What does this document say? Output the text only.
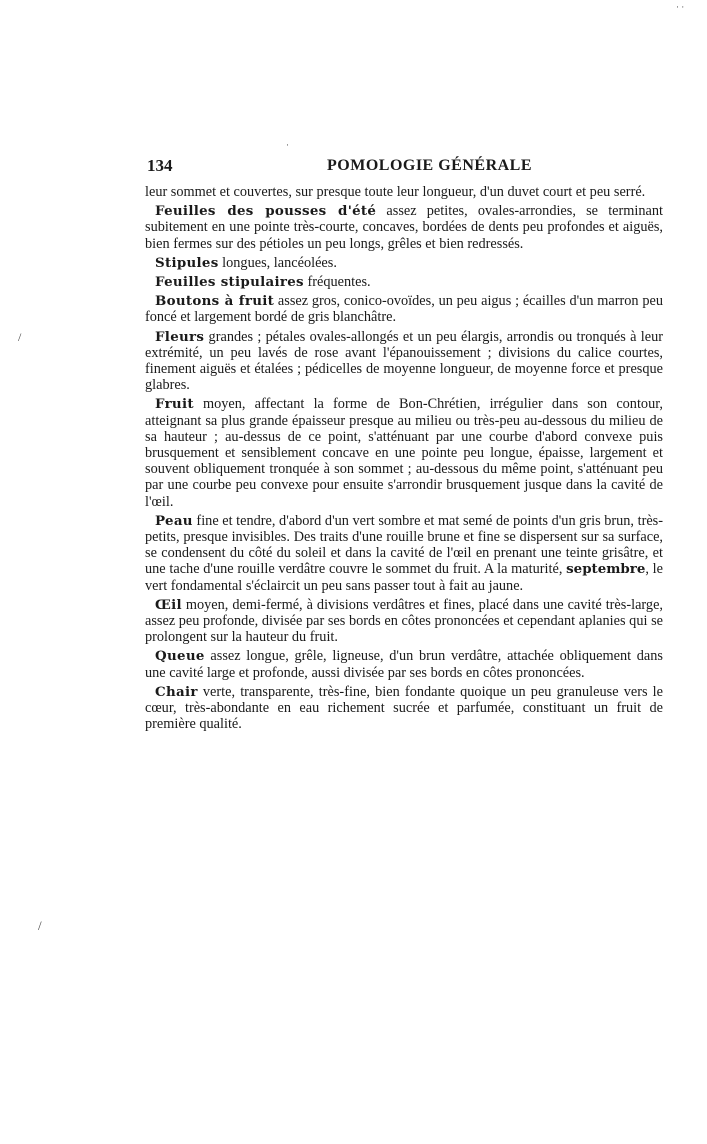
134	POMOLOGIE GÉNÉRALE

leur sommet et couvertes, sur presque toute leur longueur, d'un duvet court et peu serré.

Feuilles des pousses d'été assez petites, ovales-arrondies, se terminant subitement en une pointe très-courte, concaves, bordées de dents peu profondes et aiguës, bien fermes sur des pétioles un peu longs, grêles et bien redressés.

Stipules longues, lancéolées.

Feuilles stipulaires fréquentes.

Boutons à fruit assez gros, conico-ovoïdes, un peu aigus ; écailles d'un marron peu foncé et largement bordé de gris blanchâtre.

Fleurs grandes ; pétales ovales-allongés et un peu élargis, arrondis ou tronqués à leur extrémité, un peu lavés de rose avant l'épanouissement ; divisions du calice courtes, finement aiguës et étalées ; pédicelles de moyenne longueur, de moyenne force et presque glabres.

Fruit moyen, affectant la forme de Bon-Chrétien, irrégulier dans son contour, atteignant sa plus grande épaisseur presque au milieu ou très-peu au-dessous du milieu de sa hauteur ; au-dessus de ce point, s'atténuant par une courbe d'abord convexe puis brusquement et sensiblement concave en une pointe peu longue, épaisse, largement et souvent obliquement tronquée à son sommet ; au-dessous du même point, s'atténuant peu par une courbe peu convexe pour ensuite s'arrondir brusquement jusque dans la cavité de l'œil.

Peau fine et tendre, d'abord d'un vert sombre et mat semé de points d'un gris brun, très-petits, presque invisibles. Des traits d'une rouille brune et fine se dispersent sur sa surface, se condensent du côté du soleil et dans la cavité de l'œil en prenant une teinte grisâtre, et une tache d'une rouille verdâtre couvre le sommet du fruit. A la maturité, septembre, le vert fondamental s'éclaircit un peu sans passer tout à fait au jaune.

Œil moyen, demi-fermé, à divisions verdâtres et fines, placé dans une cavité très-large, assez peu profonde, divisée par ses bords en côtes prononcées et cependant aplanies qui se prolongent sur la hauteur du fruit.

Queue assez longue, grêle, ligneuse, d'un brun verdâtre, attachée obliquement dans une cavité large et profonde, aussi divisée par ses bords en côtes prononcées.

Chair verte, transparente, très-fine, bien fondante quoique un peu granuleuse vers le cœur, très-abondante en eau richement sucrée et parfumée, constituant un fruit de première qualité.

/
/
·
· ·
